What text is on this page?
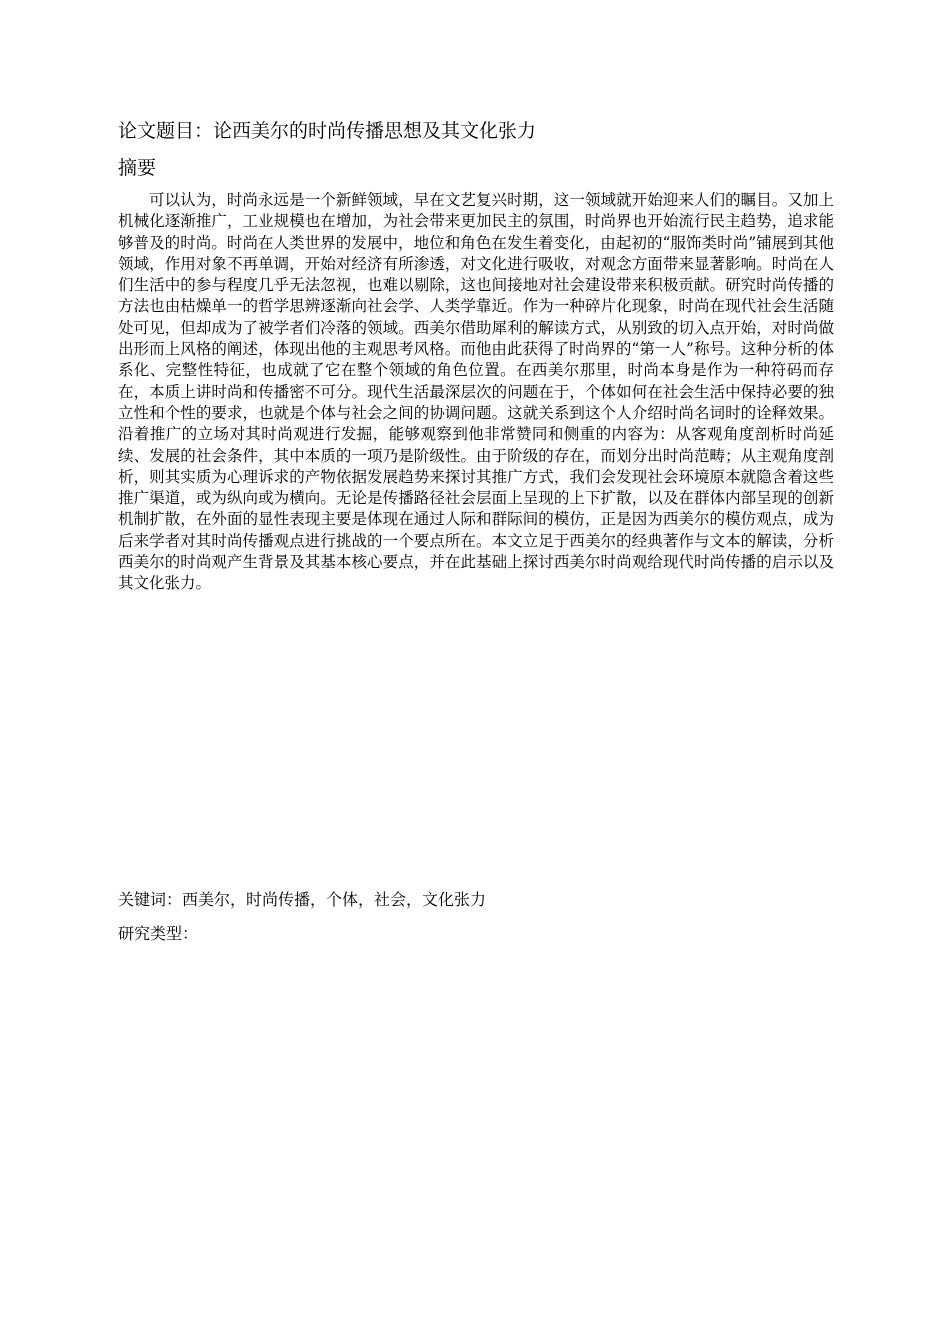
论文题目：论西美尔的时尚传播思想及其文化张力
摘要

可以认为，时尚永远是一个新鲜领域，早在文艺复兴时期，这一领域就开始迎来人们的瞩目。又加上机械化逐渐推广，工业规模也在增加，为社会带来更加民主的氛围，时尚界也开始流行民主趋势，追求能够普及的时尚。时尚在人类世界的发展中，地位和角色在发生着变化，由起初的“服饰类时尚”铺展到其他领域，作用对象不再单调，开始对经济有所渗透，对文化进行吸收，对观念方面带来显著影响。时尚在人们生活中的参与程度几乎无法忽视，也难以剔除，这也间接地对社会建设带来积极贡献。研究时尚传播的方法也由枯燥单一的哲学思辨逐渐向社会学、人类学靠近。作为一种碎片化现象，时尚在现代社会生活随处可见，但却成为了被学者们冷落的领域。西美尔借助犀利的解读方式，从别致的切入点开始，对时尚做出形而上风格的阐述，体现出他的主观思考风格。而他由此获得了时尚界的“第一人”称号。这种分析的体系化、完整性特征，也成就了它在整个领域的角色位置。在西美尔那里，时尚本身是作为一种符码而存在，本质上讲时尚和传播密不可分。现代生活最深层次的问题在于，个体如何在社会生活中保持必要的独立性和个性的要求，也就是个体与社会之间的协调问题。这就关系到这个人介绍时尚名词时的诠释效果。沿着推广的立场对其时尚观进行发掘，能够观察到他非常赞同和侧重的内容为：从客观角度剖析时尚延续、发展的社会条件，其中本质的一项乃是阶级性。由于阶级的存在，而划分出时尚范畴；从主观角度剖析，则其实质为心理诉求的产物依据发展趋势来探讨其推广方式，我们会发现社会环境原本就隐含着这些推广渠道，或为纵向或为横向。无论是传播路径社会层面上呈现的上下扩散，以及在群体内部呈现的创新机制扩散，在外面的显性表现主要是体现在通过人际和群际间的模仿，正是因为西美尔的模仿观点，成为后来学者对其时尚传播观点进行挑战的一个要点所在。本文立足于西美尔的经典著作与文本的解读，分析西美尔的时尚观产生背景及其基本核心要点，并在此基础上探讨西美尔时尚观给现代时尚传播的启示以及其文化张力。

关键词：西美尔，时尚传播，个体，社会，文化张力
研究类型：
